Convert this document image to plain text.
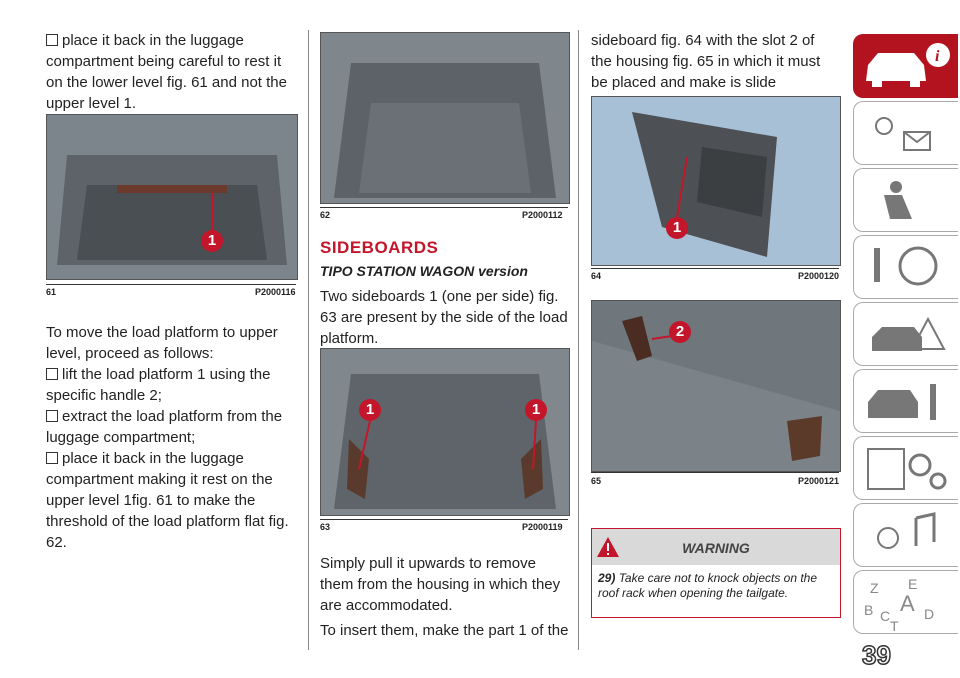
place it back in the luggage compartment being careful to rest it on the lower level fig. 61 and not the upper level 1.

1
61	P2000116

To move the load platform to upper level, proceed as follows:

lift the load platform 1 using the specific handle 2;

extract the load platform from the luggage compartment;

place it back in the luggage compartment making it rest on the upper level 1fig. 61 to make the threshold of the load platform flat fig. 62.

62	P2000112
SIDEBOARDS
TIPO STATION WAGON version

Two sideboards 1 (one per side) fig. 63 are present by the side of the load platform.

1	1
63	P2000119

Simply pull it upwards to remove them from the housing in which they are accommodated.

To insert them, make the part 1 of the

sideboard fig. 64 with the slot 2 of the housing fig. 65 in which it must be placed and make is slide

1
64	P2000120
2
65	P2000121
WARNING

29) Take care not to knock objects on the roof rack when opening the tailgate.

i
Z E
A
B C D
T
39
